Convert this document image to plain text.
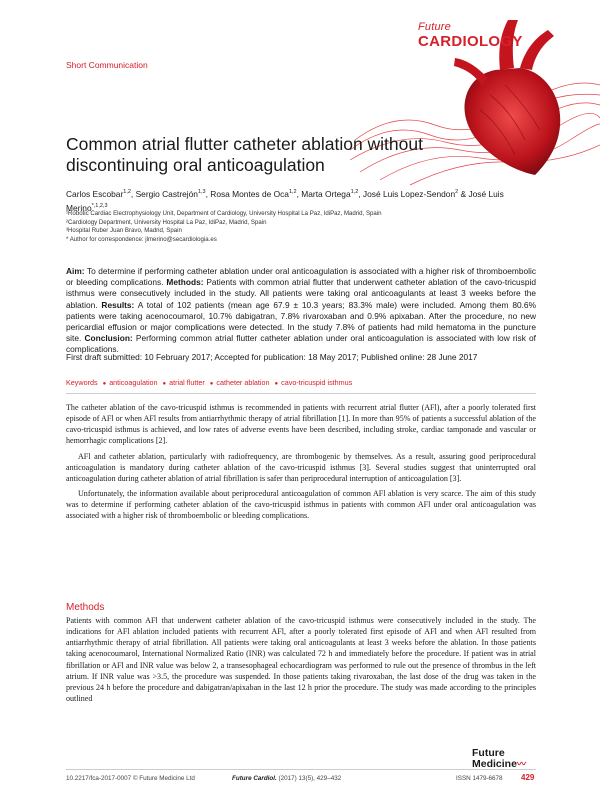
Future
CARDIOLOGY
Short Communication
Common atrial flutter catheter ablation without discontinuing oral anticoagulation
Carlos Escobar$^{1,2}$, Sergio Castrejón$^{1,3}$, Rosa Montes de Oca$^{1,2}$, Marta Ortega$^{1,2}$, José Luis Lopez-Sendon$^2$ & José Luis Merino$^{*,1,2,3}$
¹Robotic Cardiac Electrophysiology Unit, Department of Cardiology, University Hospital La Paz, IdiPaz, Madrid, Spain
²Cardiology Department, University Hospital La Paz, IdiPaz, Madrid, Spain
³Hospital Ruber Juan Bravo, Madrid, Spain
* Author for correspondence: jlmerino@secardiologia.es
Aim: To determine if performing catheter ablation under oral anticoagulation is associated with a higher risk of thromboembolic or bleeding complications. Methods: Patients with common atrial flutter that underwent catheter ablation of the cavo-tricuspid isthmus were consecutively included in the study. All patients were taking oral anticoagulants at least 3 weeks before the ablation. Results: A total of 102 patients (mean age 67.9 ± 10.3 years; 83.3% male) were included. Among them 80.6% patients were taking acenocoumarol, 10.7% dabigatran, 7.8% rivaroxaban and 0.9% apixaban. After the procedure, no new pericardial effusion or major complications were detected. In the study 7.8% of patients had mild hematoma in the puncture site. Conclusion: Performing common atrial flutter catheter ablation under oral anticoagulation is associated with low risk of complications.
First draft submitted: 10 February 2017; Accepted for publication: 18 May 2017; Published online: 28 June 2017
Keywords ● anticoagulation ● atrial flutter ● catheter ablation ● cavo-tricuspid isthmus

The catheter ablation of the cavo-tricuspid isthmus is recommended in patients with recurrent atrial flutter (AFl), after a poorly tolerated first episode of AFl or when AFl results from antiarrhythmic therapy of atrial fibrillation [1]. In more than 95% of patients a successful ablation of the cavo-tricuspid isthmus is achieved, and low rates of adverse events have been described, including stroke, cardiac tamponade and vascular or hemorrhagic complications [2].

AFl and catheter ablation, particularly with radiofrequency, are thrombogenic by themselves. As a result, assuring good periprocedural anticoagulation is mandatory during catheter ablation of the cavo-tricuspid isthmus [3]. Several studies suggest that uninterrupted oral anticoagulation during catheter ablation of atrial fibrillation is safer than periprocedural interruption of anticoagulation [3].

Unfortunately, the information available about periprocedural anticoagulation of common AFl ablation is very scarce. The aim of this study was to determine if performing catheter ablation of the cavo-tricuspid isthmus in patients with common AFl under oral anticoagulation was associated with a higher risk of thromboembolic or bleeding complications.

Methods

Patients with common AFl that underwent catheter ablation of the cavo-tricuspid isthmus were consecutively included in the study. The indications for AFl ablation included patients with recurrent AFl, after a poorly tolerated first episode of AFl and when AFl resulted from antiarrhythmic therapy of atrial fibrillation. All patients were taking oral anticoagulants at least 3 weeks before the ablation. In those patients taking acenocoumarol, International Normalized Ratio (INR) was calculated 72 h and immediately before the procedure. If patient was in atrial fibrillation or AFl and INR value was below 2, a transesophageal echocardiogram was performed to rule out the presence of thrombus in the left atrium. If INR value was >3.5, the procedure was suspended. In those patients taking rivaroxaban, the last dose of the drug was taken in the previous 24 h before the procedure and dabigatran/apixaban in the last 12 h prior the procedure. The study was made according to the principles outlined

Future
Medicine〰
10.2217/fca-2017-0007 © Future Medicine Ltd	Future Cardiol. (2017) 13(5), 429–432	ISSN 1479-6678 429
